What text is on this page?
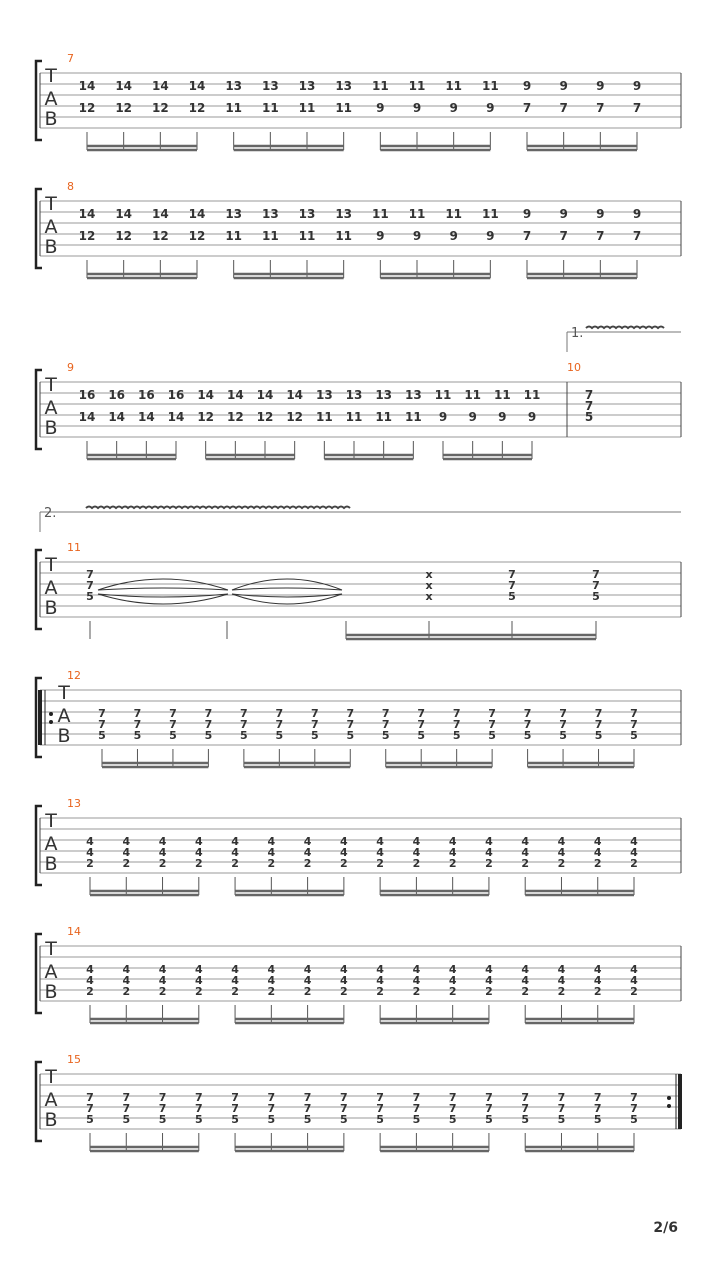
T
A
B
7
14
12
14
12
14
12
14
12
13
11
13
11
13
11
13
11
11
9
11
9
11
9
11
9
9
7
9
7
9
7
9
7
T
A
B
8
14
12
14
12
14
12
14
12
13
11
13
11
13
11
13
11
11
9
11
9
11
9
11
9
9
7
9
7
9
7
9
7
T
A
B
9
16
14
16
14
16
14
16
14
14
12
14
12
14
12
14
12
13
11
13
11
13
11
13
11
11
9
11
9
11
9
11
9
10
7
7
5
1.
T
A
B
11
7
7
5
x
x
x
7
7
5
7
7
5
2.
T
A
B
12
7
7
5
7
7
5
7
7
5
7
7
5
7
7
5
7
7
5
7
7
5
7
7
5
7
7
5
7
7
5
7
7
5
7
7
5
7
7
5
7
7
5
7
7
5
7
7
5
T
A
B
13
4
4
2
4
4
2
4
4
2
4
4
2
4
4
2
4
4
2
4
4
2
4
4
2
4
4
2
4
4
2
4
4
2
4
4
2
4
4
2
4
4
2
4
4
2
4
4
2
T
A
B
14
4
4
2
4
4
2
4
4
2
4
4
2
4
4
2
4
4
2
4
4
2
4
4
2
4
4
2
4
4
2
4
4
2
4
4
2
4
4
2
4
4
2
4
4
2
4
4
2
T
A
B
15
7
7
5
7
7
5
7
7
5
7
7
5
7
7
5
7
7
5
7
7
5
7
7
5
7
7
5
7
7
5
7
7
5
7
7
5
7
7
5
7
7
5
7
7
5
7
7
5
2/6
